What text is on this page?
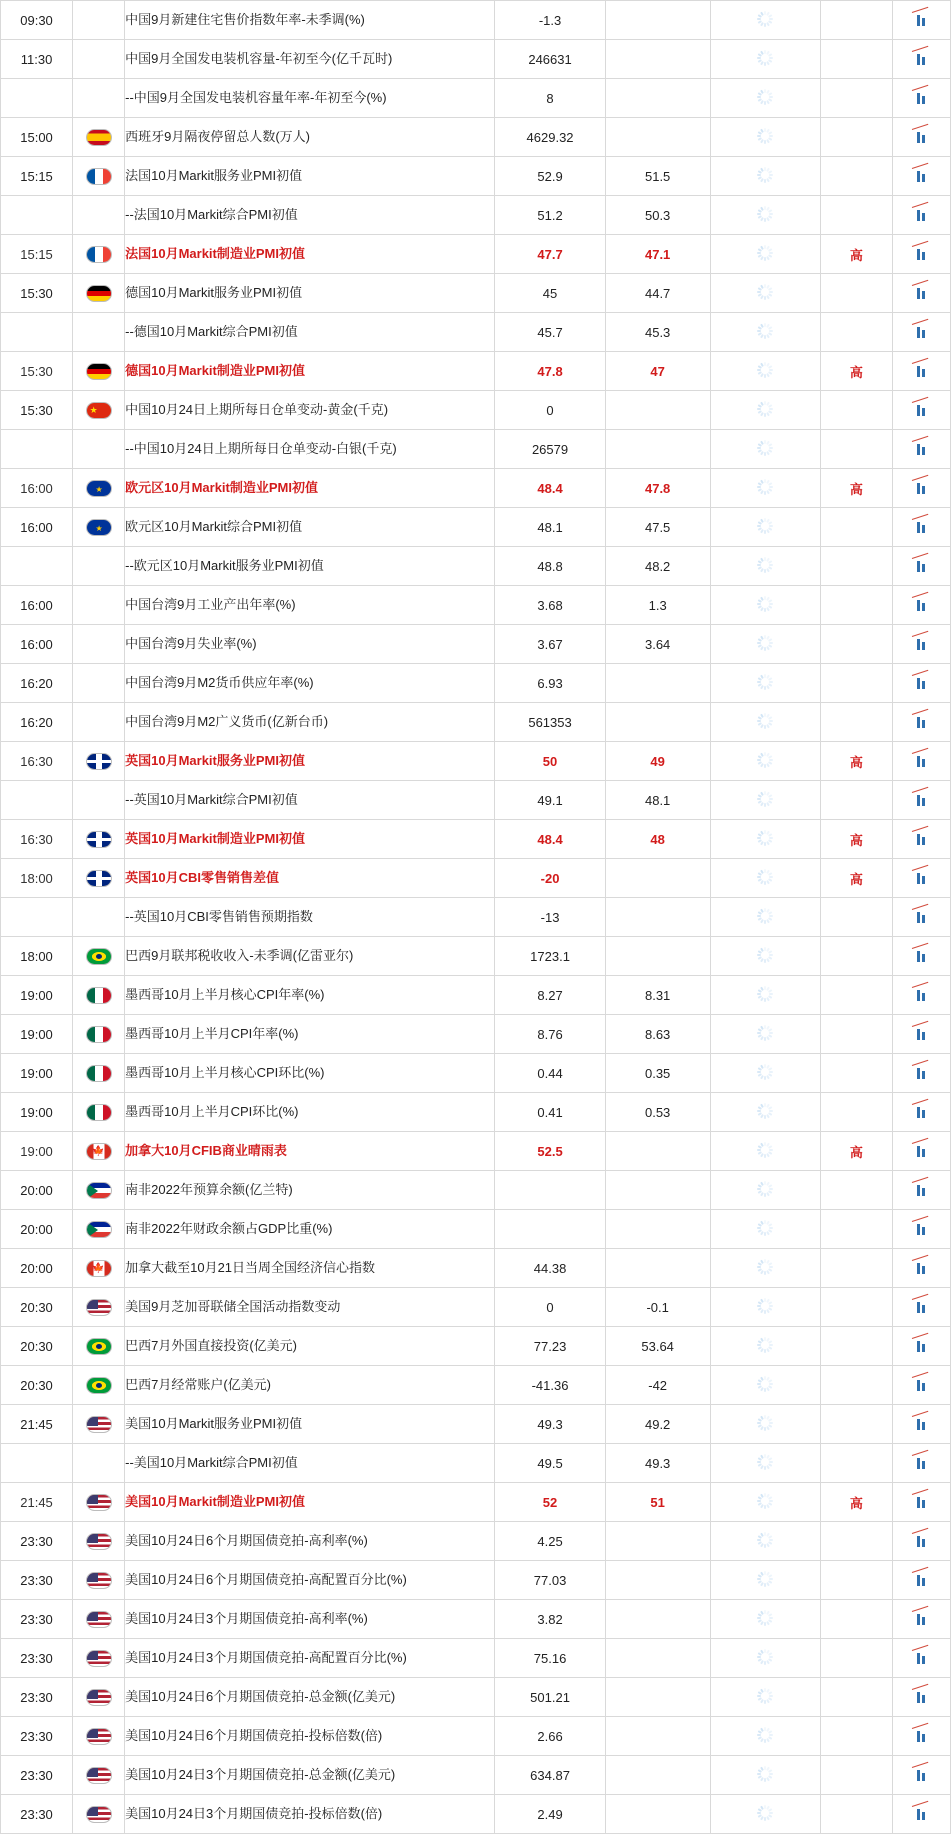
09:30		中国9月新建住宅售价指数年率-未季调(%)	-1.3		

11:30		中国9月全国发电装机容量-年初至今(亿千瓦时)	246631		

		--中国9月全国发电装机容量年率-年初至今(%)	8		

15:00		西班牙9月隔夜停留总人数(万人)	4629.32		

15:15		法国10月Markit服务业PMI初值	52.9	51.5	

		--法国10月Markit综合PMI初值	51.2	50.3	

15:15		法国10月Markit制造业PMI初值	47.7	47.1		高	

15:30		德国10月Markit服务业PMI初值	45	44.7	

		--德国10月Markit综合PMI初值	45.7	45.3	

15:30		德国10月Markit制造业PMI初值	47.8	47		高	

15:30	★	中国10月24日上期所每日仓单变动-黄金(千克)	0		

		--中国10月24日上期所每日仓单变动-白银(千克)	26579		

16:00	★	欧元区10月Markit制造业PMI初值	48.4	47.8		高	

16:00	★	欧元区10月Markit综合PMI初值	48.1	47.5	

		--欧元区10月Markit服务业PMI初值	48.8	48.2	

16:00		中国台湾9月工业产出年率(%)	3.68	1.3	

16:00		中国台湾9月失业率(%)	3.67	3.64	

16:20		中国台湾9月M2货币供应年率(%)	6.93		

16:20		中国台湾9月M2广义货币(亿新台币)	561353		

16:30		英国10月Markit服务业PMI初值	50	49		高	

		--英国10月Markit综合PMI初值	49.1	48.1	

16:30		英国10月Markit制造业PMI初值	48.4	48		高	

18:00		英国10月CBI零售销售差值	-20			高	

		--英国10月CBI零售销售预期指数	-13		

18:00		巴西9月联邦税收收入-未季调(亿雷亚尔)	1723.1		

19:00		墨西哥10月上半月核心CPI年率(%)	8.27	8.31	

19:00		墨西哥10月上半月CPI年率(%)	8.76	8.63	

19:00		墨西哥10月上半月核心CPI环比(%)	0.44	0.35	

19:00		墨西哥10月上半月CPI环比(%)	0.41	0.53	

19:00	🍁	加拿大10月CFIB商业晴雨表	52.5			高	

20:00		南非2022年预算余额(亿兰特)			

20:00		南非2022年财政余额占GDP比重(%)			

20:00	🍁	加拿大截至10月21日当周全国经济信心指数	44.38		

20:30		美国9月芝加哥联储全国活动指数变动	0	-0.1	

20:30		巴西7月外国直接投资(亿美元)	77.23	53.64	

20:30		巴西7月经常账户(亿美元)	-41.36	-42	

21:45		美国10月Markit服务业PMI初值	49.3	49.2	

		--美国10月Markit综合PMI初值	49.5	49.3	

21:45		美国10月Markit制造业PMI初值	52	51		高	

23:30		美国10月24日6个月期国债竞拍-高利率(%)	4.25		

23:30		美国10月24日6个月期国债竞拍-高配置百分比(%)	77.03		

23:30		美国10月24日3个月期国债竞拍-高利率(%)	3.82		

23:30		美国10月24日3个月期国债竞拍-高配置百分比(%)	75.16		

23:30		美国10月24日6个月期国债竞拍-总金额(亿美元)	501.21		

23:30		美国10月24日6个月期国债竞拍-投标倍数(倍)	2.66		

23:30		美国10月24日3个月期国债竞拍-总金额(亿美元)	634.87		

23:30		美国10月24日3个月期国债竞拍-投标倍数(倍)	2.49		
